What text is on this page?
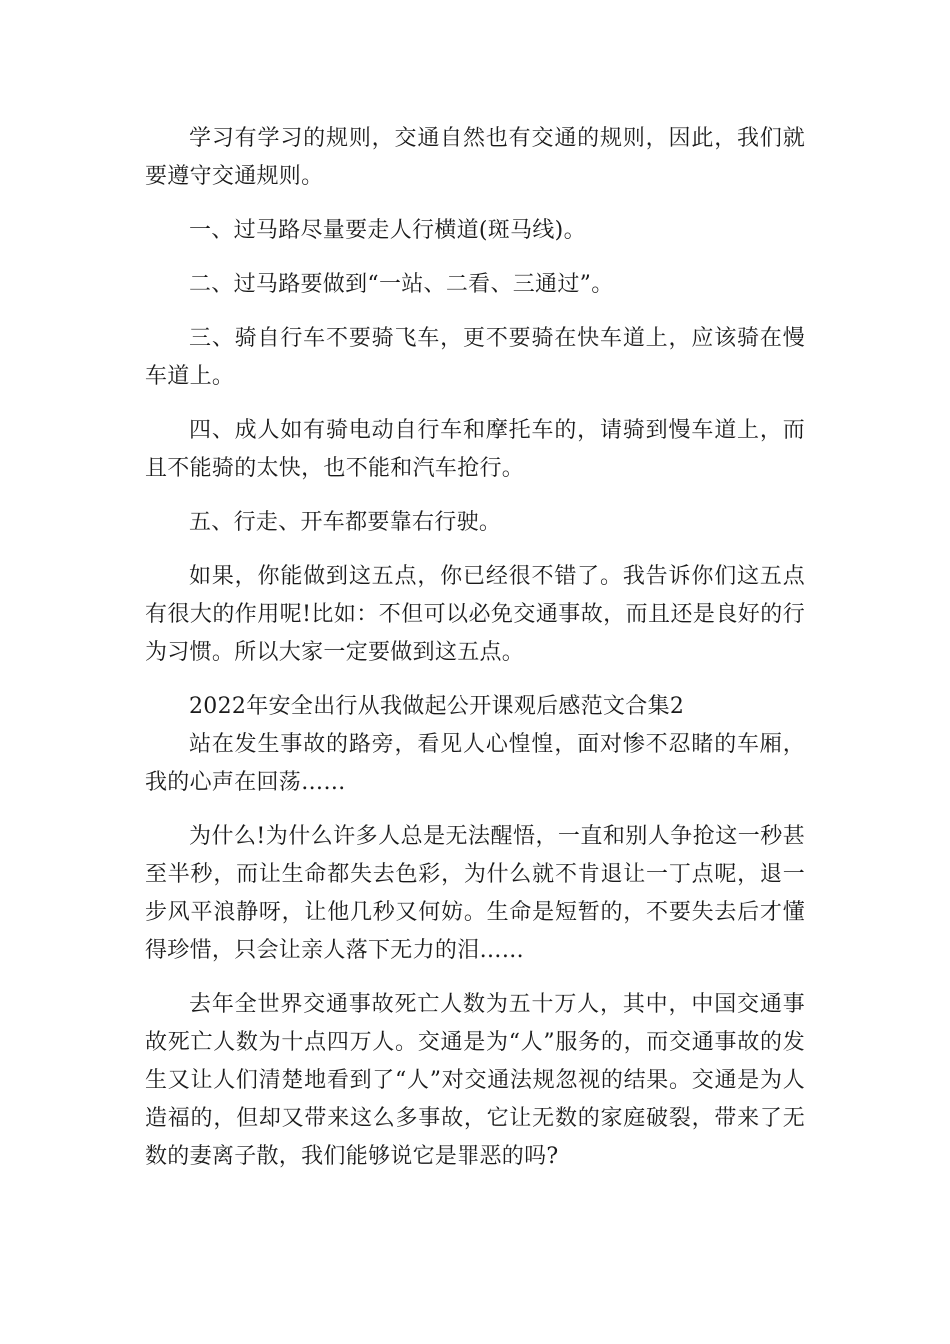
学习有学习的规则，交通自然也有交通的规则，因此，我们就要遵守交通规则。

一、过马路尽量要走人行横道(斑马线)。

二、过马路要做到“一站、二看、三通过”。

三、骑自行车不要骑飞车，更不要骑在快车道上，应该骑在慢车道上。

四、成人如有骑电动自行车和摩托车的，请骑到慢车道上，而且不能骑的太快，也不能和汽车抢行。

五、行走、开车都要靠右行驶。

如果，你能做到这五点，你已经很不错了。我告诉你们这五点有很大的作用呢!比如：不但可以必免交通事故，而且还是良好的行为习惯。所以大家一定要做到这五点。

2022年安全出行从我做起公开课观后感范文合集2

站在发生事故的路旁，看见人心惶惶，面对惨不忍睹的车厢，我的心声在回荡……

为什么!为什么许多人总是无法醒悟，一直和别人争抢这一秒甚至半秒，而让生命都失去色彩，为什么就不肯退让一丁点呢，退一步风平浪静呀，让他几秒又何妨。生命是短暂的，不要失去后才懂得珍惜，只会让亲人落下无力的泪……

去年全世界交通事故死亡人数为五十万人，其中，中国交通事故死亡人数为十点四万人。交通是为“人”服务的，而交通事故的发生又让人们清楚地看到了“人”对交通法规忽视的结果。交通是为人造福的，但却又带来这么多事故，它让无数的家庭破裂，带来了无数的妻离子散，我们能够说它是罪恶的吗?
